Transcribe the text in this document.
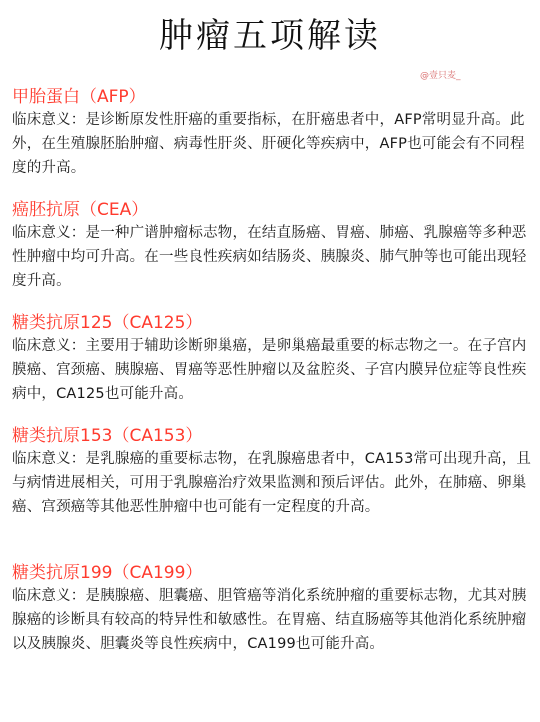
肿瘤五项解读
@壹只麦_

甲胎蛋白（AFP）

临床意义：是诊断原发性肝癌的重要指标，在肝癌患者中，AFP常明显升高。此外，在生殖腺胚胎肿瘤、病毒性肝炎、肝硬化等疾病中，AFP也可能会有不同程度的升高。

癌胚抗原（CEA）

临床意义：是一种广谱肿瘤标志物，在结直肠癌、胃癌、肺癌、乳腺癌等多种恶性肿瘤中均可升高。在一些良性疾病如结肠炎、胰腺炎、肺气肿等也可能出现轻度升高。

糖类抗原125（CA125）

临床意义：主要用于辅助诊断卵巢癌，是卵巢癌最重要的标志物之一。在子宫内膜癌、宫颈癌、胰腺癌、胃癌等恶性肿瘤以及盆腔炎、子宫内膜异位症等良性疾病中，CA125也可能升高。

糖类抗原153（CA153）

临床意义：是乳腺癌的重要标志物，在乳腺癌患者中，CA153常可出现升高，且与病情进展相关，可用于乳腺癌治疗效果监测和预后评估。此外，在肺癌、卵巢癌、宫颈癌等其他恶性肿瘤中也可能有一定程度的升高。

糖类抗原199（CA199）

临床意义：是胰腺癌、胆囊癌、胆管癌等消化系统肿瘤的重要标志物，尤其对胰腺癌的诊断具有较高的特异性和敏感性。在胃癌、结直肠癌等其他消化系统肿瘤以及胰腺炎、胆囊炎等良性疾病中，CA199也可能升高。
